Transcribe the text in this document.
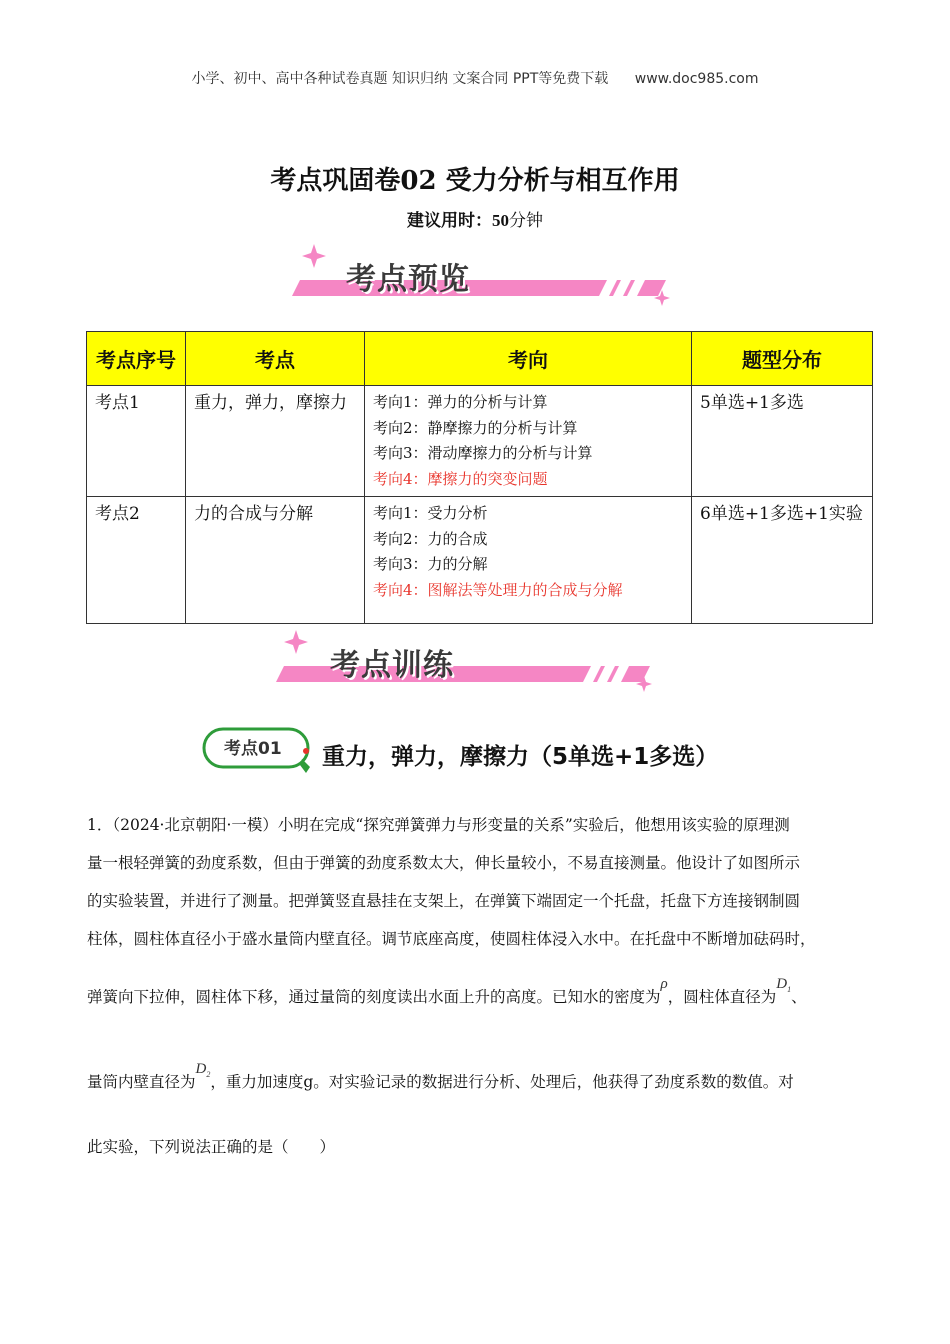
小学、初中、高中各种试卷真题 知识归纳 文案合同 PPT等免费下载 www.doc985.com
考点巩固卷02 受力分析与相互作用
建议用时：50分钟
考点预览
考点序号	考点	考向	题型分布
考点1	重力，弹力，摩擦力	考向1：弹力的分析与计算
考向2：静摩擦力的分析与计算
考向3：滑动摩擦力的分析与计算
考向4：摩擦力的突变问题	5单选+1多选
考点2	力的合成与分解	考向1：受力分析
考向2：力的合成
考向3：力的分解
考向4：图解法等处理力的合成与分解	6单选+1多选+1实验
考点训练
考点01 重力，弹力，摩擦力（5单选+1多选）
1．（2024·北京朝阳·一模）小明在完成“探究弹簧弹力与形变量的关系”实验后，他想用该实验的原理测
量一根轻弹簧的劲度系数，但由于弹簧的劲度系数太大，伸长量较小，不易直接测量。他设计了如图所示
的实验装置，并进行了测量。把弹簧竖直悬挂在支架上，在弹簧下端固定一个托盘，托盘下方连接钢制圆
柱体，圆柱体直径小于盛水量筒内壁直径。调节底座高度，使圆柱体浸入水中。在托盘中不断增加砝码时，
弹簧向下拉伸，圆柱体下移，通过量筒的刻度读出水面上升的高度。已知水的密度为ρ，圆柱体直径为$D_1$、
量筒内壁直径为$D_2$，重力加速度g。对实验记录的数据进行分析、处理后，他获得了劲度系数的数值。对
此实验，下列说法正确的是（　　）
